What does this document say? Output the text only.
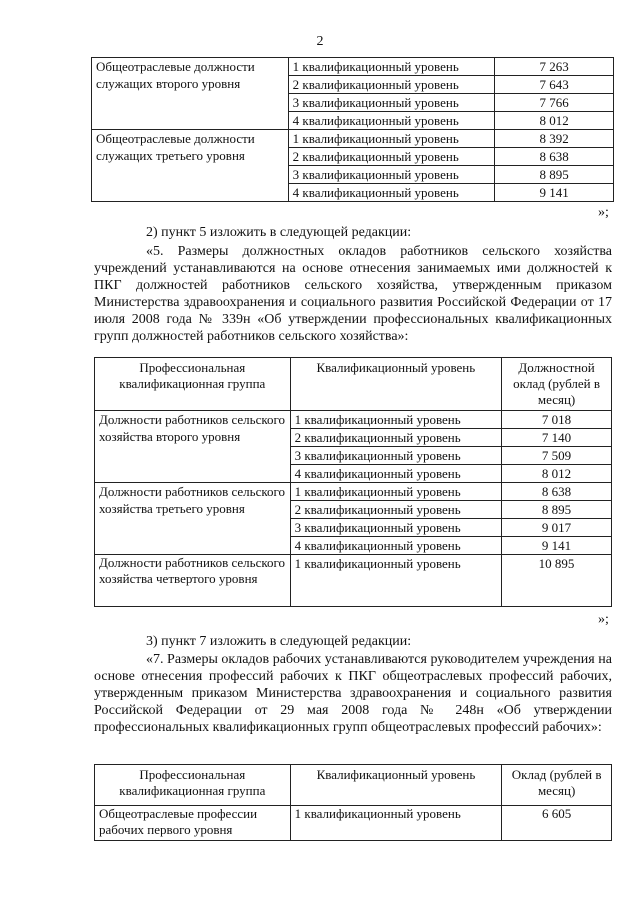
2
Общеотраслевые должности служащих второго уровня	1 квалификационный уровень	7 263
	2 квалификационный уровень	7 643
	3 квалификационный уровень	7 766
	4 квалификационный уровень	8 012
Общеотраслевые должности служащих третьего уровня	1 квалификационный уровень	8 392
	2 квалификационный уровень	8 638
	3 квалификационный уровень	8 895
	4 квалификационный уровень	9 141
»;
2) пункт 5 изложить в следующей редакции:
«5. Размеры должностных окладов работников сельского хозяйства учреждений устанавливаются на основе отнесения занимаемых ими должностей к ПКГ должностей работников сельского хозяйства, утвержденным приказом Министерства здравоохранения и социального развития Российской Федерации от 17 июля 2008 года № 339н «Об утверждении профессиональных квалификационных групп должностей работников сельского хозяйства»:
Профессиональная квалификационная группа	Квалификационный уровень	Должностной оклад (рублей в месяц)
Должности работников сельского хозяйства второго уровня	1 квалификационный уровень	7 018
	2 квалификационный уровень	7 140
	3 квалификационный уровень	7 509
	4 квалификационный уровень	8 012
Должности работников сельского хозяйства третьего уровня	1 квалификационный уровень	8 638
	2 квалификационный уровень	8 895
	3 квалификационный уровень	9 017
	4 квалификационный уровень	9 141
Должности работников сельского хозяйства четвертого уровня	1 квалификационный уровень	10 895
»;
3) пункт 7 изложить в следующей редакции:
«7. Размеры окладов рабочих устанавливаются руководителем учреждения на основе отнесения профессий рабочих к ПКГ общеотраслевых профессий рабочих, утвержденным приказом Министерства здравоохранения и социального развития Российской Федерации от 29 мая 2008 года № 248н «Об утверждении профессиональных квалификационных групп общеотраслевых профессий рабочих»:
Профессиональная квалификационная группа	Квалификационный уровень	Оклад (рублей в месяц)
Общеотраслевые профессии рабочих первого уровня	1 квалификационный уровень	6 605
